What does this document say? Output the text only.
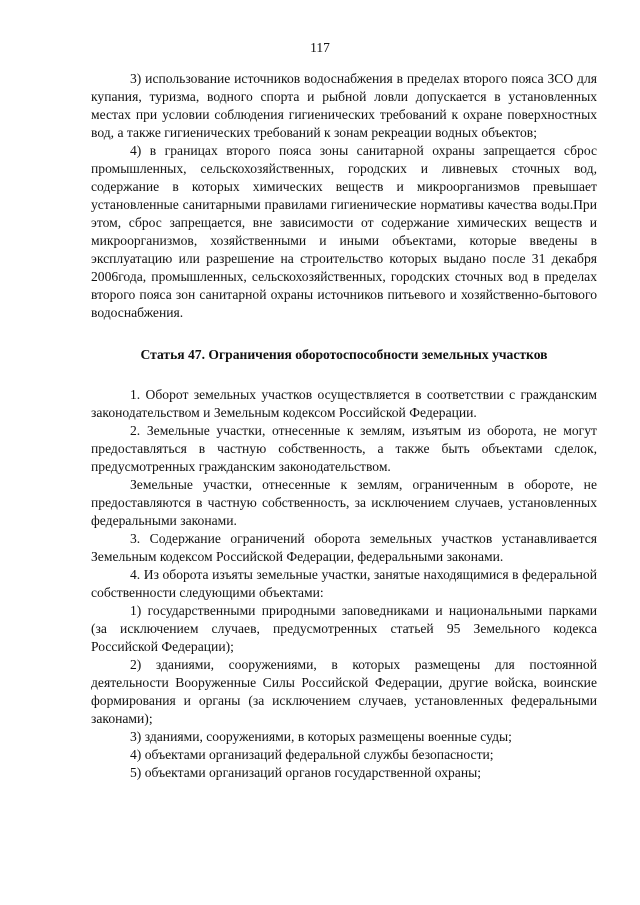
117

3) использование источников водоснабжения в пределах второго пояса ЗСО для купания, туризма, водного спорта и рыбной ловли допускается в установленных местах при условии соблюдения гигиенических требований к охране поверхностных вод, а также гигиенических требований к зонам рекреации водных объектов;

4) в границах второго пояса зоны санитарной охраны запрещается сброс промышленных, сельскохозяйственных, городских и ливневых сточных вод, содержание в которых химических веществ и микроорганизмов превышает установленные санитарными правилами гигиенические нормативы качества воды.При этом, сброс запрещается, вне зависимости от содержание химических веществ и микроорганизмов, хозяйственными и иными объектами, которые введены в эксплуатацию или разрешение на строительство которых выдано после 31 декабря 2006года, промышленных, сельскохозяйственных, городских сточных вод в пределах второго пояса зон санитарной охраны источников питьевого и хозяйственно-бытового водоснабжения.

Статья 47. Ограничения оборотоспособности земельных участков

1. Оборот земельных участков осуществляется в соответствии с гражданским законодательством и Земельным кодексом Российской Федерации.

2. Земельные участки, отнесенные к землям, изъятым из оборота, не могут предоставляться в частную собственность, а также быть объектами сделок, предусмотренных гражданским законодательством.

Земельные участки, отнесенные к землям, ограниченным в обороте, не предоставляются в частную собственность, за исключением случаев, установленных федеральными законами.

3. Содержание ограничений оборота земельных участков устанавливается Земельным кодексом Российской Федерации, федеральными законами.

4. Из оборота изъяты земельные участки, занятые находящимися в федеральной собственности следующими объектами:

1) государственными природными заповедниками и национальными парками (за исключением случаев, предусмотренных статьей 95 Земельного кодекса Российской Федерации);

2) зданиями, сооружениями, в которых размещены для постоянной деятельности Вооруженные Силы Российской Федерации, другие войска, воинские формирования и органы (за исключением случаев, установленных федеральными законами);

3) зданиями, сооружениями, в которых размещены военные суды;

4) объектами организаций федеральной службы безопасности;

5) объектами организаций органов государственной охраны;
